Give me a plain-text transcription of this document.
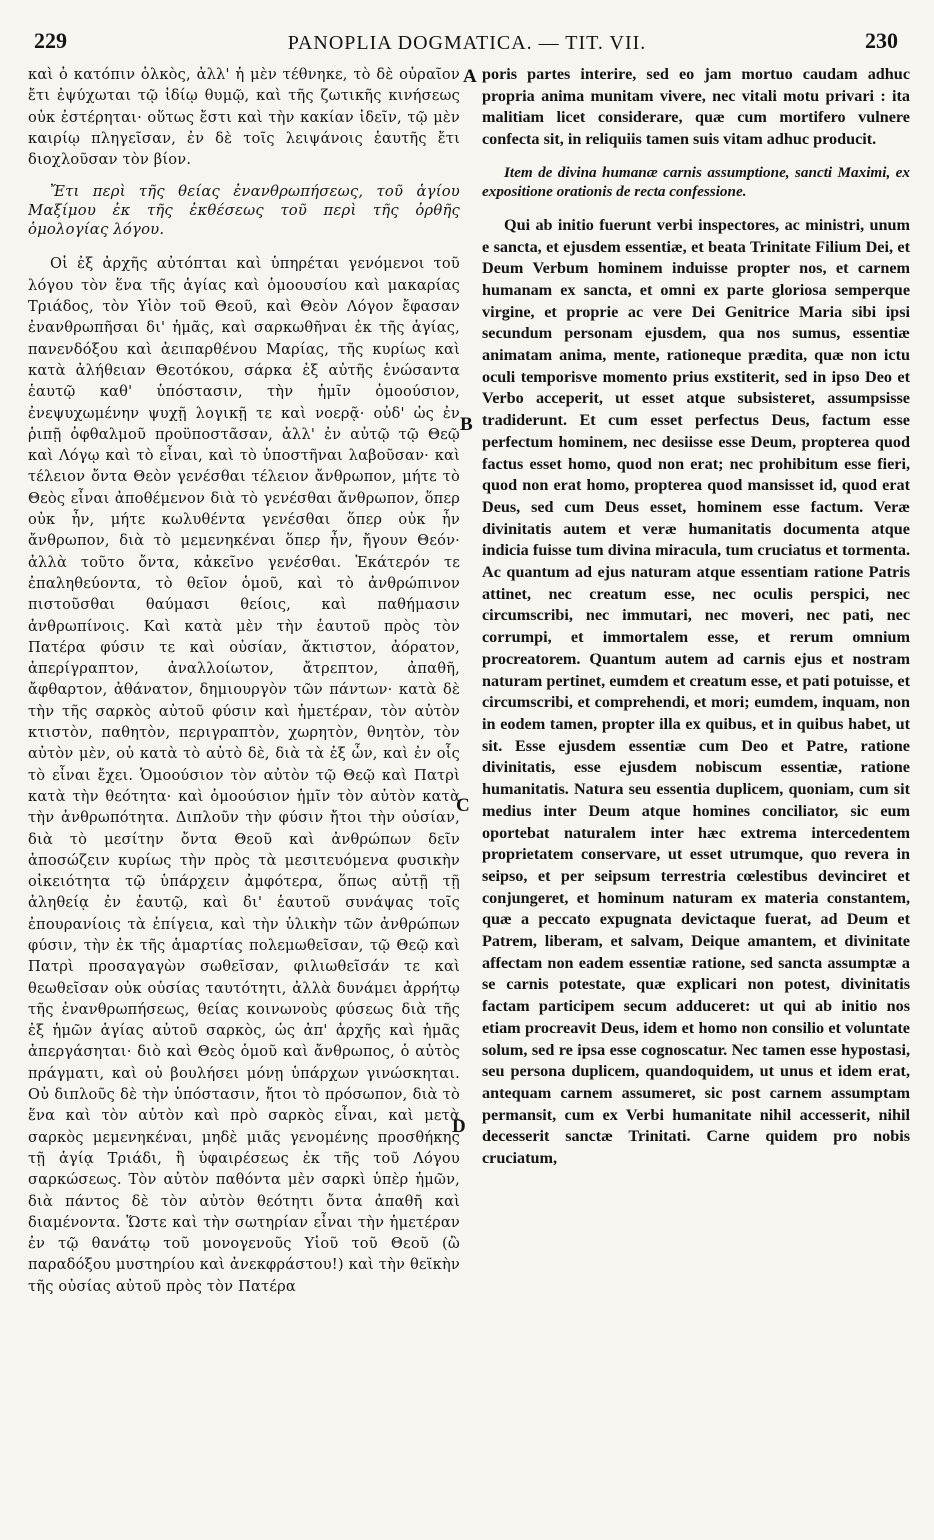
229	PANOPLIA DOGMATICA. — TIT. VII.	230

καὶ ὁ κατόπιν ὁλκὸς, ἀλλ' ἡ μὲν τέθνηκε, τὸ δὲ οὐραῖον ἔτι ἐψύχωται τῷ ἰδίῳ θυμῷ, καὶ τῆς ζωτικῆς κινήσεως οὐκ ἐστέρηται· οὕτως ἔστι καὶ τὴν κακίαν ἰδεῖν, τῷ μὲν καιρίῳ πληγεῖσαν, ἐν δὲ τοῖς λειψάνοις ἑαυτῆς ἔτι διοχλοῦσαν τὸν βίον.

Ἔτι περὶ τῆς θείας ἐνανθρωπήσεως, τοῦ ἁγίου Μαξίμου ἐκ τῆς ἐκθέσεως τοῦ περὶ τῆς ὀρθῆς ὁμολογίας λόγου.

Οἱ ἐξ ἀρχῆς αὐτόπται καὶ ὑπηρέται γενόμενοι τοῦ λόγου τὸν ἕνα τῆς ἁγίας καὶ ὁμοουσίου καὶ μακαρίας Τριάδος, τὸν Υἱὸν τοῦ Θεοῦ, καὶ Θεὸν Λόγον ἔφασαν ἐνανθρωπῆσαι δι' ἡμᾶς, καὶ σαρκωθῆναι ἐκ τῆς ἁγίας, πανενδόξου καὶ ἀειπαρθένου Μαρίας, τῆς κυρίως καὶ κατὰ ἀλήθειαν Θεοτόκου, σάρκα ἐξ αὐτῆς ἑνώσαντα ἑαυτῷ καθ' ὑπόστασιν, τὴν ἡμῖν ὁμοούσιον, ἐνεψυχωμένην ψυχῇ λογικῇ τε καὶ νοερᾷ· οὐδ' ὡς ἐν ῥιπῇ ὀφθαλμοῦ προϋποστᾶσαν, ἀλλ' ἐν αὐτῷ τῷ Θεῷ καὶ Λόγῳ καὶ τὸ εἶναι, καὶ τὸ ὑποστῆναι λαβοῦσαν· καὶ τέλειον ὄντα Θεὸν γενέσθαι τέλειον ἄνθρωπον, μήτε τὸ Θεὸς εἶναι ἀποθέμενον διὰ τὸ γενέσθαι ἄνθρωπον, ὅπερ οὐκ ἦν, μήτε κωλυθέντα γενέσθαι ὅπερ οὐκ ἦν ἄνθρωπον, διὰ τὸ μεμενηκέναι ὅπερ ἦν, ἤγουν Θεόν· ἀλλὰ τοῦτο ὄντα, κἀκεῖνο γενέσθαι. Ἑκάτερόν τε ἐπαληθεύοντα, τὸ θεῖον ὁμοῦ, καὶ τὸ ἀνθρώπινον πιστοῦσθαι θαύμασι θείοις, καὶ παθήμασιν ἀνθρωπίνοις. Καὶ κατὰ μὲν τὴν ἑαυτοῦ πρὸς τὸν Πατέρα φύσιν τε καὶ οὐσίαν, ἄκτιστον, ἀόρατον, ἀπερίγραπτον, ἀναλλοίωτον, ἄτρεπτον, ἀπαθῆ, ἄφθαρτον, ἀθάνατον, δημιουργὸν τῶν πάντων· κατὰ δὲ τὴν τῆς σαρκὸς αὐτοῦ φύσιν καὶ ἡμετέραν, τὸν αὐτὸν κτιστὸν, παθητὸν, περιγραπτὸν, χωρητὸν, θνητὸν, τὸν αὐτὸν μὲν, οὐ κατὰ τὸ αὐτὸ δὲ, διὰ τὰ ἐξ ὧν, καὶ ἐν οἷς τὸ εἶναι ἔχει. Ὁμοούσιον τὸν αὐτὸν τῷ Θεῷ καὶ Πατρὶ κατὰ τὴν θεότητα· καὶ ὁμοούσιον ἡμῖν τὸν αὐτὸν κατὰ τὴν ἀνθρωπότητα. Διπλοῦν τὴν φύσιν ἤτοι τὴν οὐσίαν, διὰ τὸ μεσίτην ὄντα Θεοῦ καὶ ἀνθρώπων δεῖν ἀποσώζειν κυρίως τὴν πρὸς τὰ μεσιτευόμενα φυσικὴν οἰκειότητα τῷ ὑπάρχειν ἀμφότερα, ὅπως αὐτῇ τῇ ἀληθείᾳ ἐν ἑαυτῷ, καὶ δι' ἑαυτοῦ συνάψας τοῖς ἐπουρανίοις τὰ ἐπίγεια, καὶ τὴν ὑλικὴν τῶν ἀνθρώπων φύσιν, τὴν ἐκ τῆς ἁμαρτίας πολεμωθεῖσαν, τῷ Θεῷ καὶ Πατρὶ προσαγαγὼν σωθεῖσαν, φιλιωθεῖσάν τε καὶ θεωθεῖσαν οὐκ οὐσίας ταυτότητι, ἀλλὰ δυνάμει ἀρρήτῳ τῆς ἐνανθρωπήσεως, θείας κοινωνοὺς φύσεως διὰ τῆς ἐξ ἡμῶν ἁγίας αὐτοῦ σαρκὸς, ὡς ἀπ' ἀρχῆς καὶ ἡμᾶς ἀπεργάσηται· διὸ καὶ Θεὸς ὁμοῦ καὶ ἄνθρωπος, ὁ αὐτὸς πράγματι, καὶ οὐ βουλήσει μόνῃ ὑπάρχων γινώσκηται. Οὐ διπλοῦς δὲ τὴν ὑπόστασιν, ἤτοι τὸ πρόσωπον, διὰ τὸ ἕνα καὶ τὸν αὐτὸν καὶ πρὸ σαρκὸς εἶναι, καὶ μετὰ σαρκὸς μεμενηκέναι, μηδὲ μιᾶς γενομένης προσθήκης τῇ ἁγίᾳ Τριάδι, ἢ ὑφαιρέσεως ἐκ τῆς τοῦ Λόγου σαρκώσεως. Τὸν αὐτὸν παθόντα μὲν σαρκὶ ὑπὲρ ἡμῶν, διὰ πάντος δὲ τὸν αὐτὸν θεότητι ὄντα ἀπαθῆ καὶ διαμένοντα. Ὥστε καὶ τὴν σωτηρίαν εἶναι τὴν ἡμετέραν ἐν τῷ θανάτῳ τοῦ μονογενοῦς Υἱοῦ τοῦ Θεοῦ (ὢ παραδόξου μυστηρίου καὶ ἀνεκφράστου!) καὶ τὴν θεϊκὴν τῆς οὐσίας αὐτοῦ πρὸς τὸν Πατέρα

A
B
C
D

poris partes interire, sed eo jam mortuo caudam adhuc propria anima munitam vivere, nec vitali motu privari : ita malitiam licet considerare, quæ cum mortifero vulnere confecta sit, in reliquiis tamen suis vitam adhuc producit.

Item de divina humanæ carnis assumptione, sancti Maximi, ex expositione orationis de recta confessione.

Qui ab initio fuerunt verbi inspectores, ac ministri, unum e sancta, et ejusdem essentiæ, et beata Trinitate Filium Dei, et Deum Verbum hominem induisse propter nos, et carnem humanam ex sancta, et omni ex parte gloriosa semperque virgine, et proprie ac vere Dei Genitrice Maria sibi ipsi secundum personam ejusdem, qua nos sumus, essentiæ animatam anima, mente, rationeque prædita, quæ non ictu oculi temporisve momento prius exstiterit, sed in ipso Deo et Verbo acceperit, ut esset atque subsisteret, assumpsisse tradiderunt. Et cum esset perfectus Deus, factum esse perfectum hominem, nec desiisse esse Deum, propterea quod factus esset homo, quod non erat; nec prohibitum esse fieri, quod non erat homo, propterea quod mansisset id, quod erat Deus, sed cum Deus esset, hominem esse factum. Veræ divinitatis autem et veræ humanitatis documenta atque indicia fuisse tum divina miracula, tum cruciatus et tormenta. Ac quantum ad ejus naturam atque essentiam ratione Patris attinet, nec creatum esse, nec oculis perspici, nec circumscribi, nec immutari, nec moveri, nec pati, nec corrumpi, et immortalem esse, et rerum omnium procreatorem. Quantum autem ad carnis ejus et nostram naturam pertinet, eumdem et creatum esse, et pati potuisse, et circumscribi, et comprehendi, et mori; eumdem, inquam, non in eodem tamen, propter illa ex quibus, et in quibus habet, ut sit. Esse ejusdem essentiæ cum Deo et Patre, ratione divinitatis, esse ejusdem nobiscum essentiæ, ratione humanitatis. Natura seu essentia duplicem, quoniam, cum sit medius inter Deum atque homines conciliator, sic eum oportebat naturalem inter hæc extrema intercedentem proprietatem conservare, ut esset utrumque, quo revera in seipso, et per seipsum terrestria cœlestibus devinciret et conjungeret, et hominum naturam ex materia constantem, quæ a peccato expugnata devictaque fuerat, ad Deum et Patrem, liberam, et salvam, Deique amantem, et divinitate affectam non eadem essentiæ ratione, sed sancta assumptæ a se carnis potestate, quæ explicari non potest, divinitatis factam participem secum adduceret: ut qui ab initio nos etiam procreavit Deus, idem et homo non consilio et voluntate solum, sed re ipsa esse cognoscatur. Nec tamen esse hypostasi, seu persona duplicem, quandoquidem, ut unus et idem erat, antequam carnem assumeret, sic post carnem assumptam permansit, cum ex Verbi humanitate nihil accesserit, nihil decesserit sanctæ Trinitati. Carne quidem pro nobis cruciatum,
